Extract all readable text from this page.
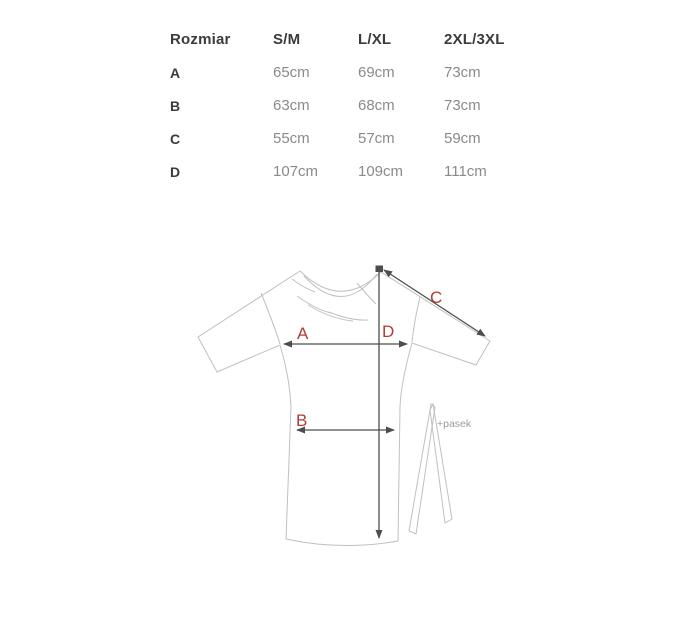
Rozmiar	S/M	L/XL	2XL/3XL
A	65cm	69cm	73cm
B	63cm	68cm	73cm
C	55cm	57cm	59cm
D	107cm	109cm	111cm
+pasek
A
B
C
D
